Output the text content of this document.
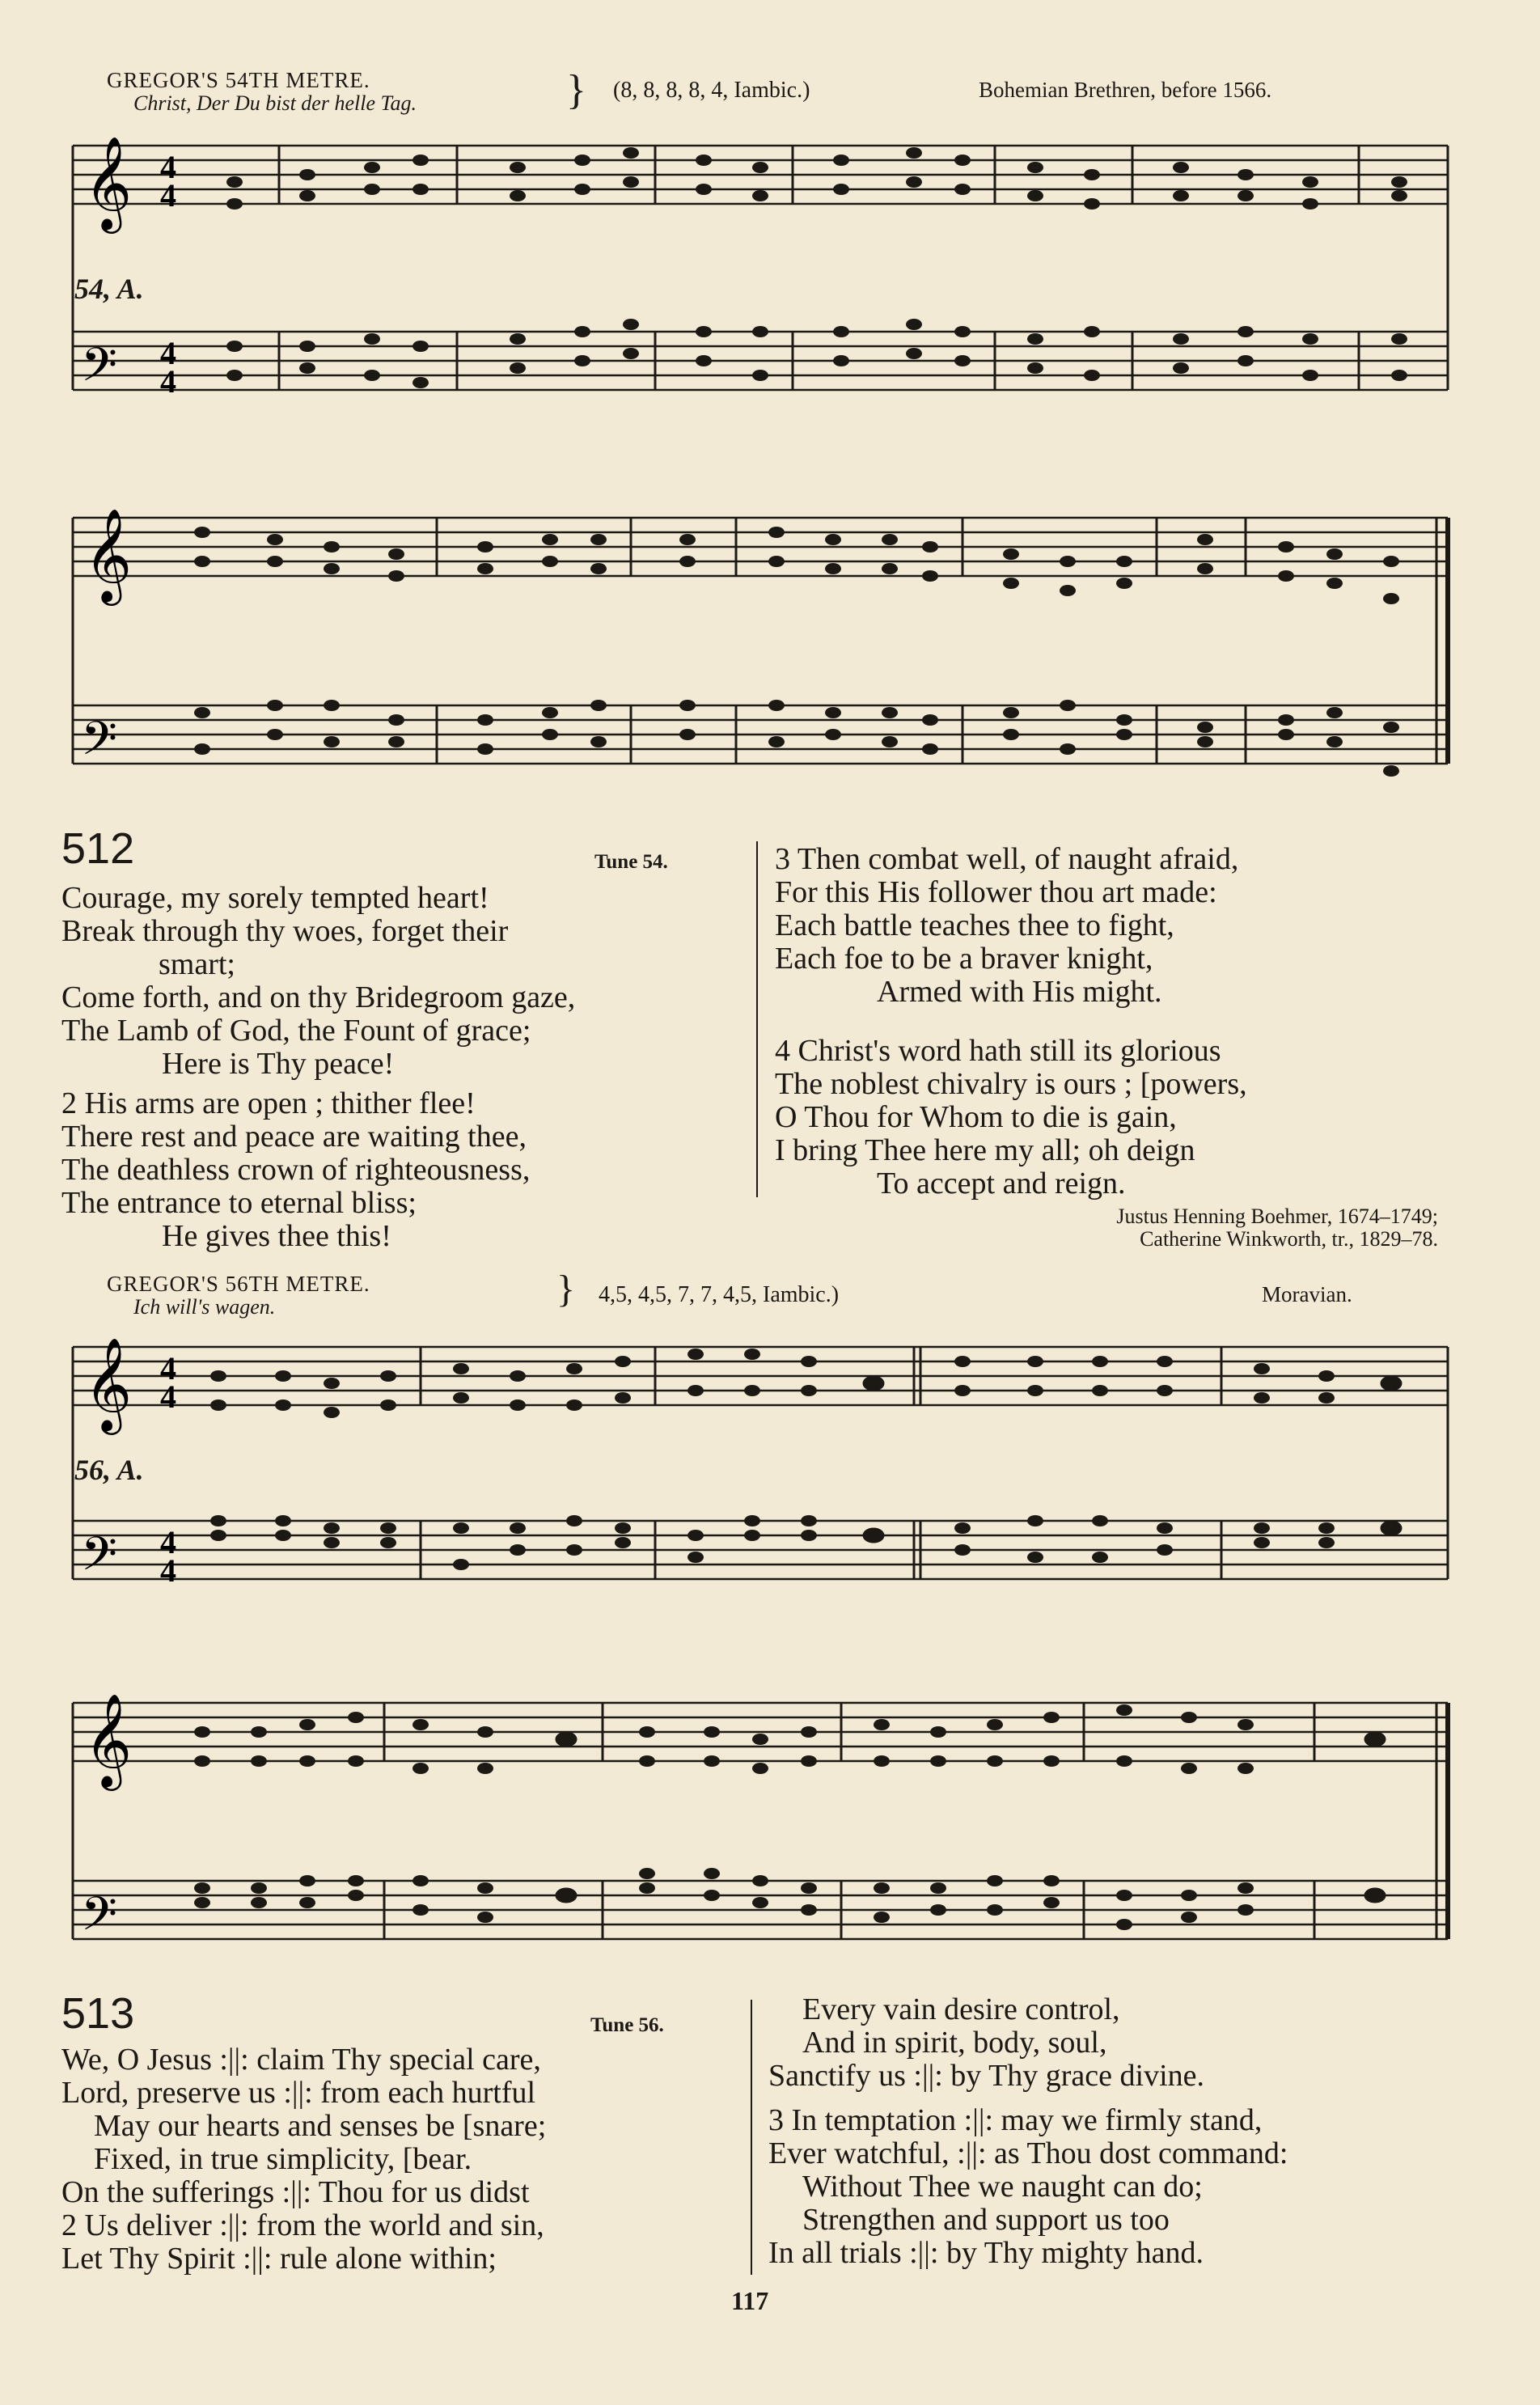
GREGOR'S 54TH METRE.
Christ, Der Du bist der helle Tag.	} (8, 8, 8, 8, 4, Iambic.)	Bohemian Brethren, before 1566.
𝄞 4
4
𝄢 4
4
54, A.
𝄞
𝄢
512	Tune 54.
Courage, my sorely tempted heart!
Break through thy woes, forget their
smart;
Come forth, and on thy Bridegroom gaze,
The Lamb of God, the Fount of grace;
Here is Thy peace!
2 His arms are open ; thither flee!
There rest and peace are waiting thee,
The deathless crown of righteousness,
The entrance to eternal bliss;
He gives thee this!
3 Then combat well, of naught afraid,
For this His follower thou art made:
Each battle teaches thee to fight,
Each foe to be a braver knight,
Armed with His might.
4 Christ's word hath still its glorious
The noblest chivalry is ours ; [powers,
O Thou for Whom to die is gain,
I bring Thee here my all; oh deign
To accept and reign.
Justus Henning Boehmer, 1674–1749;
Catherine Winkworth, tr., 1829–78.
GREGOR'S 56TH METRE.
Ich will's wagen.	} 4,5, 4,5, 7, 7, 4,5, Iambic.)	Moravian.
𝄞 4
4
𝄢 4
4
56, A.
𝄞
𝄢
513	Tune 56.
We, O Jesus :||: claim Thy special care,
Lord, preserve us :||: from each hurtful
May our hearts and senses be [snare;
Fixed, in true simplicity, [bear.
On the sufferings :||: Thou for us didst
2 Us deliver :||: from the world and sin,
Let Thy Spirit :||: rule alone within;
Every vain desire control,
And in spirit, body, soul,
Sanctify us :||: by Thy grace divine.
3 In temptation :||: may we firmly stand,
Ever watchful, :||: as Thou dost command:
Without Thee we naught can do;
Strengthen and support us too
In all trials :||: by Thy mighty hand.
117
